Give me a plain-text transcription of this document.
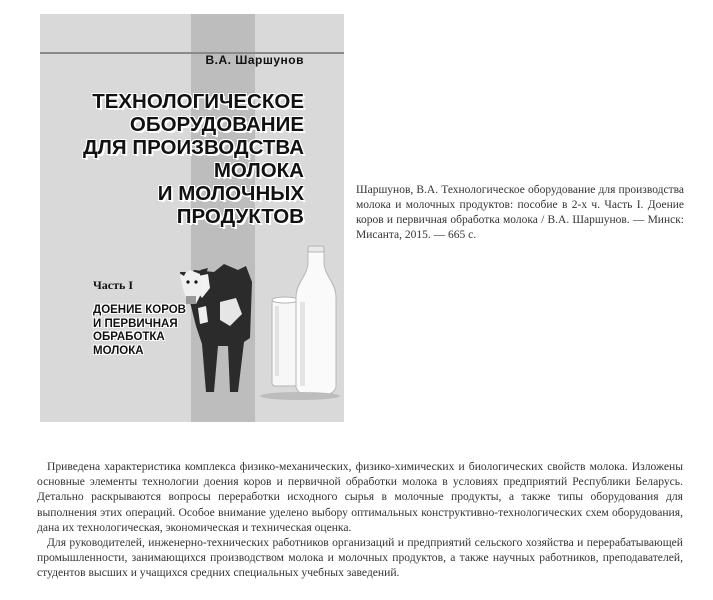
В.А. Шаршунов
ТЕХНОЛОГИЧЕСКОЕ
ОБОРУДОВАНИЕ
ДЛЯ ПРОИЗВОДСТВА
МОЛОКА
И МОЛОЧНЫХ
ПРОДУКТОВ
Часть I
ДОЕНИЕ КОРОВ
И ПЕРВИЧНАЯ
ОБРАБОТКА
МОЛОКА
Шаршунов, В.А. Технологическое оборудование для производства молока и молочных продуктов: пособие в 2-х ч. Часть I. Доение коров и первичная обработка молока / В.А. Шаршунов. — Минск: Мисанта, 2015. — 665 с.

Приведена характеристика комплекса физико-механических, физико-химических и биологических свойств молока. Изложены основные элементы технологии доения коров и первичной обработки молока в условиях предприятий Республики Беларусь. Детально раскрываются вопросы переработки исходного сырья в молочные продукты, а также типы оборудования для выполнения этих операций. Особое внимание уделено выбору оптимальных конструктивно-технологических схем оборудования, дана их технологическая, экономическая и техническая оценка.

Для руководителей, инженерно-технических работников организаций и предприятий сельского хозяйства и перерабатывающей промышленности, занимающихся производством молока и молочных продуктов, а также научных работников, преподавателей, студентов высших и учащихся средних специальных учебных заведений.
